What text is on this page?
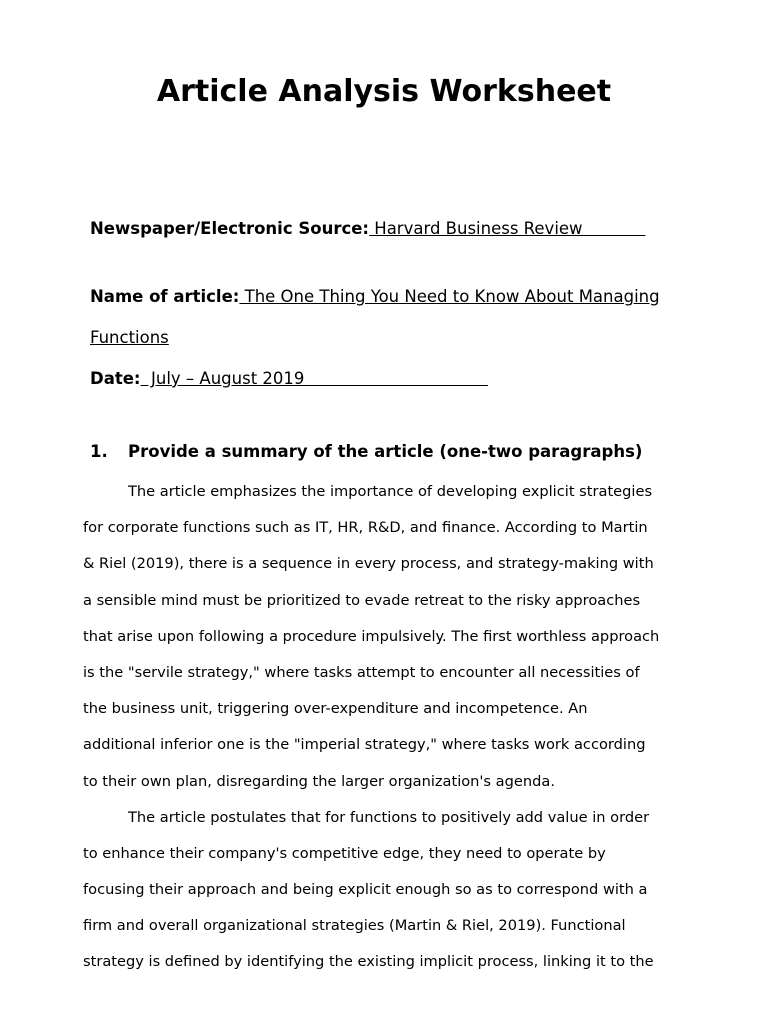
Article Analysis Worksheet
Newspaper/Electronic Source: Harvard Business Review
Name of article: The One Thing You Need to Know About Managing
Functions
Date:  July – August 2019
1. Provide a summary of the article (one-two paragraphs)
The article emphasizes the importance of developing explicit strategies
for corporate functions such as IT, HR, R&D, and finance. According to Martin
& Riel (2019), there is a sequence in every process, and strategy-making with
a sensible mind must be prioritized to evade retreat to the risky approaches
that arise upon following a procedure impulsively. The first worthless approach
is the "servile strategy," where tasks attempt to encounter all necessities of
the business unit, triggering over-expenditure and incompetence. An
additional inferior one is the "imperial strategy," where tasks work according
to their own plan, disregarding the larger organization's agenda.
The article postulates that for functions to positively add value in order
to enhance their company's competitive edge, they need to operate by
focusing their approach and being explicit enough so as to correspond with a
firm and overall organizational strategies (Martin & Riel, 2019). Functional
strategy is defined by identifying the existing implicit process, linking it to the
